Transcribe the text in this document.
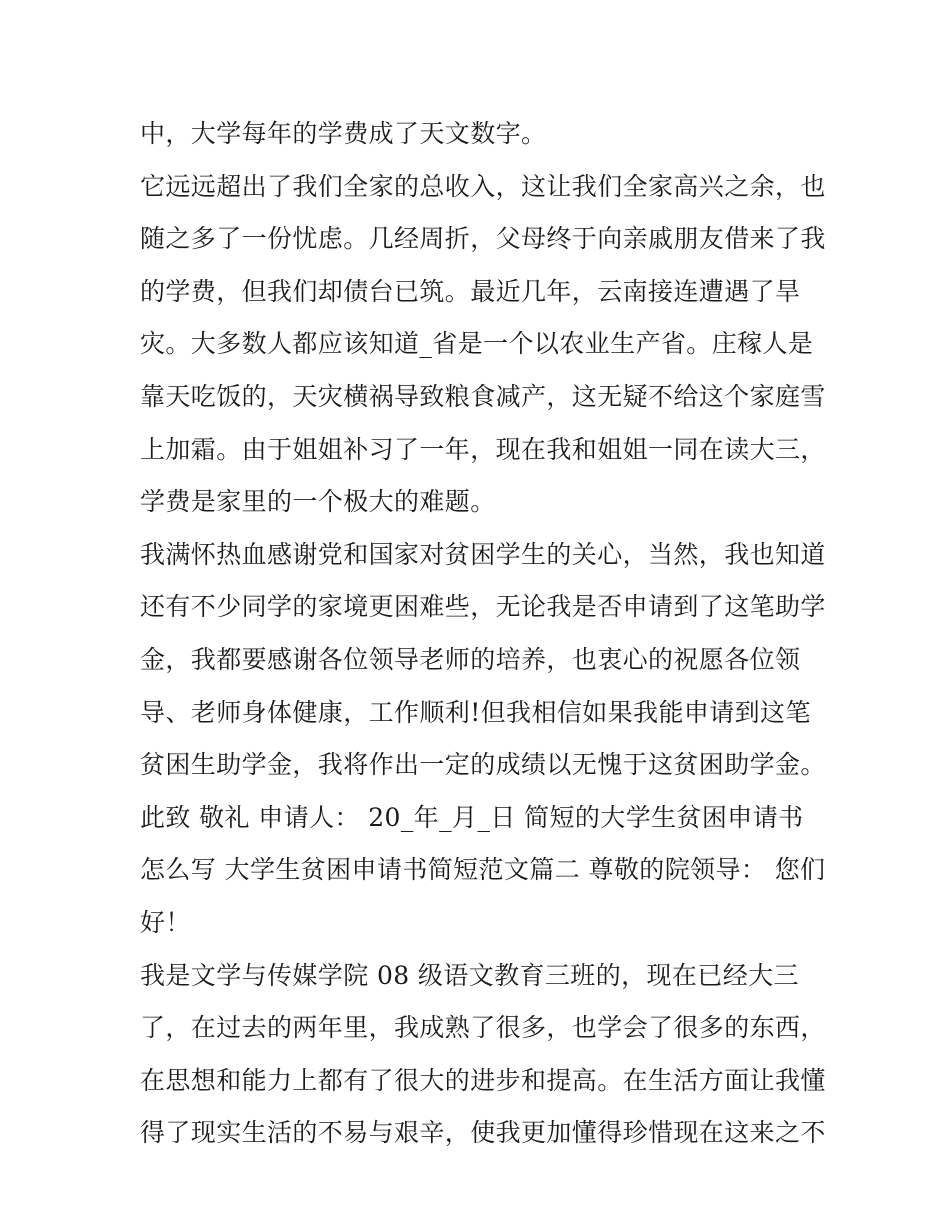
中，大学每年的学费成了天文数字。
它远远超出了我们全家的总收入，这让我们全家高兴之余，也
随之多了一份忧虑。几经周折，父母终于向亲戚朋友借来了我
的学费，但我们却债台已筑。最近几年，云南接连遭遇了旱
灾。大多数人都应该知道_省是一个以农业生产省。庄稼人是
靠天吃饭的，天灾横祸导致粮食减产，这无疑不给这个家庭雪
上加霜。由于姐姐补习了一年，现在我和姐姐一同在读大三，
学费是家里的一个极大的难题。
我满怀热血感谢党和国家对贫困学生的关心，当然，我也知道
还有不少同学的家境更困难些，无论我是否申请到了这笔助学
金，我都要感谢各位领导老师的培养，也衷心的祝愿各位领
导、老师身体健康，工作顺利!但我相信如果我能申请到这笔
贫困生助学金，我将作出一定的成绩以无愧于这贫困助学金。
此致 敬礼 申请人： 20_年_月_日 简短的大学生贫困申请书
怎么写 大学生贫困申请书简短范文篇二 尊敬的院领导： 您们
好！
我是文学与传媒学院 08 级语文教育三班的，现在已经大三
了，在过去的两年里，我成熟了很多，也学会了很多的东西，
在思想和能力上都有了很大的进步和提高。在生活方面让我懂
得了现实生活的不易与艰辛，使我更加懂得珍惜现在这来之不
